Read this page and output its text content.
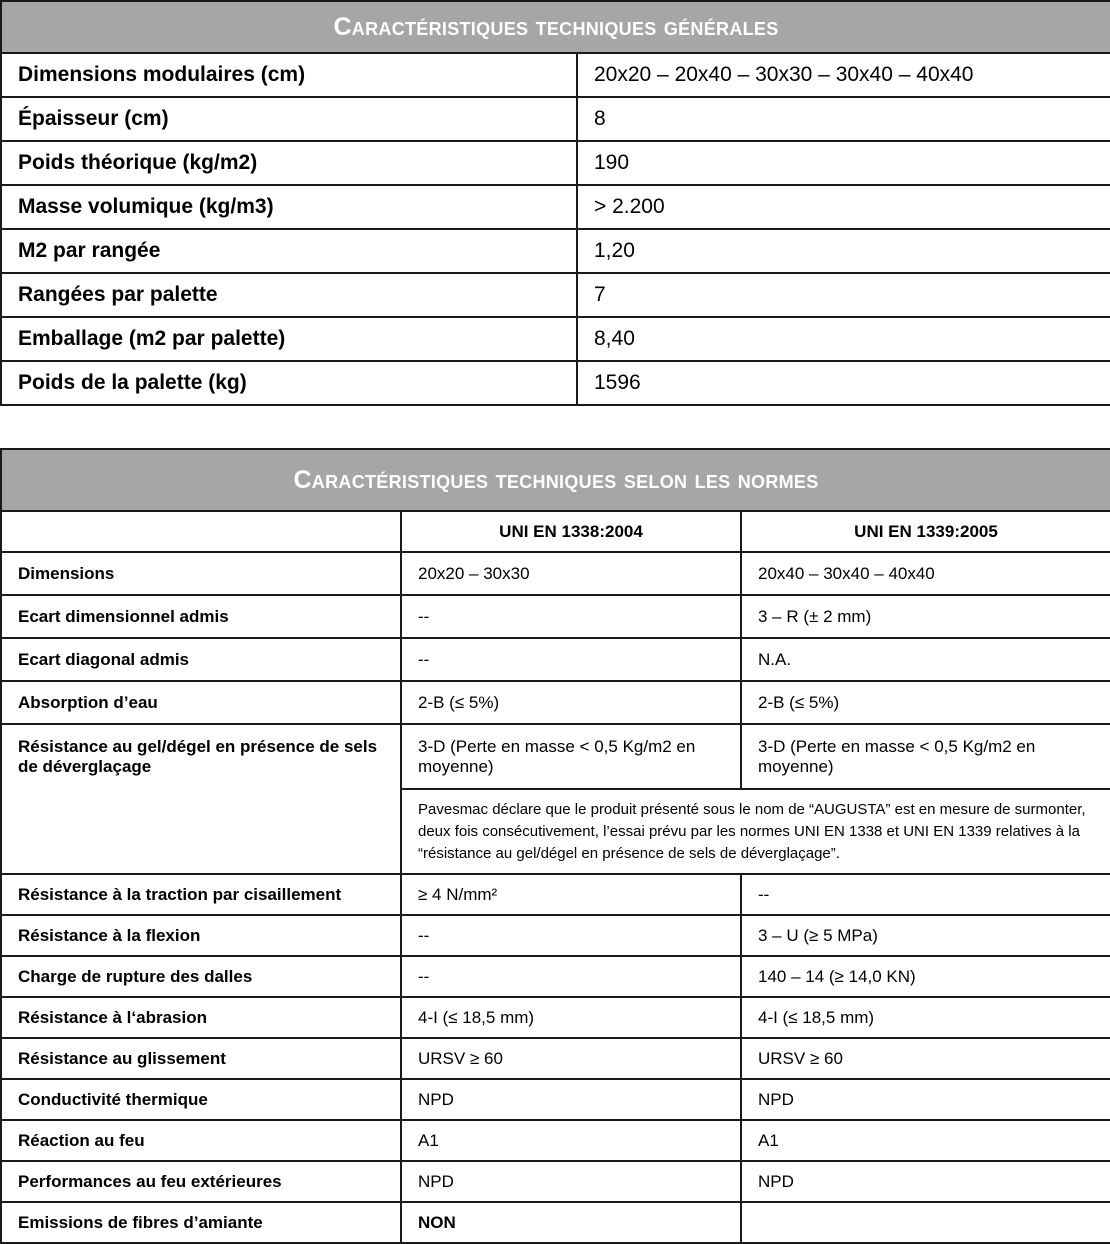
Caractéristiques techniques générales	
Dimensions modulaires (cm)	20x20 – 20x40 – 30x30 – 30x40 – 40x40
Épaisseur (cm)	8
Poids théorique (kg/m2)	190
Masse volumique (kg/m3)	> 2.200
M2 par rangée	1,20
Rangées par palette	7
Emballage (m2 par palette)	8,40
Poids de la palette (kg)	1596
Caractéristiques techniques selon les normes		
	UNI EN 1338:2004	UNI EN 1339:2005
Dimensions	20x20 – 30x30	20x40 – 30x40 – 40x40
Ecart dimensionnel admis	--	3 – R (± 2 mm)
Ecart diagonal admis	--	N.A.
Absorption d’eau	2-B (≤ 5%)	2-B (≤ 5%)
Résistance au gel/dégel en présence de sels de déverglaçage	3-D (Perte en masse < 0,5 Kg/m2 en moyenne)	3-D (Perte en masse < 0,5 Kg/m2 en moyenne)
	Pavesmac déclare que le produit présenté sous le nom de “AUGUSTA” est en mesure de surmonter, deux fois consécutivement, l’essai prévu par les normes UNI EN 1338 et UNI EN 1339 relatives à la “résistance au gel/dégel en présence de sels de déverglaçage”.	
Résistance à la traction par cisaillement	≥ 4 N/mm²	--
Résistance à la flexion	--	3 – U (≥ 5 MPa)
Charge de rupture des dalles	--	140 – 14 (≥ 14,0 KN)
Résistance à l‘abrasion	4-I (≤ 18,5 mm)	4-I (≤ 18,5 mm)
Résistance au glissement	URSV ≥ 60	URSV ≥ 60
Conductivité thermique	NPD	NPD
Réaction au feu	A1	A1
Performances au feu extérieures	NPD	NPD
Emissions de fibres d’amiante	NON	
